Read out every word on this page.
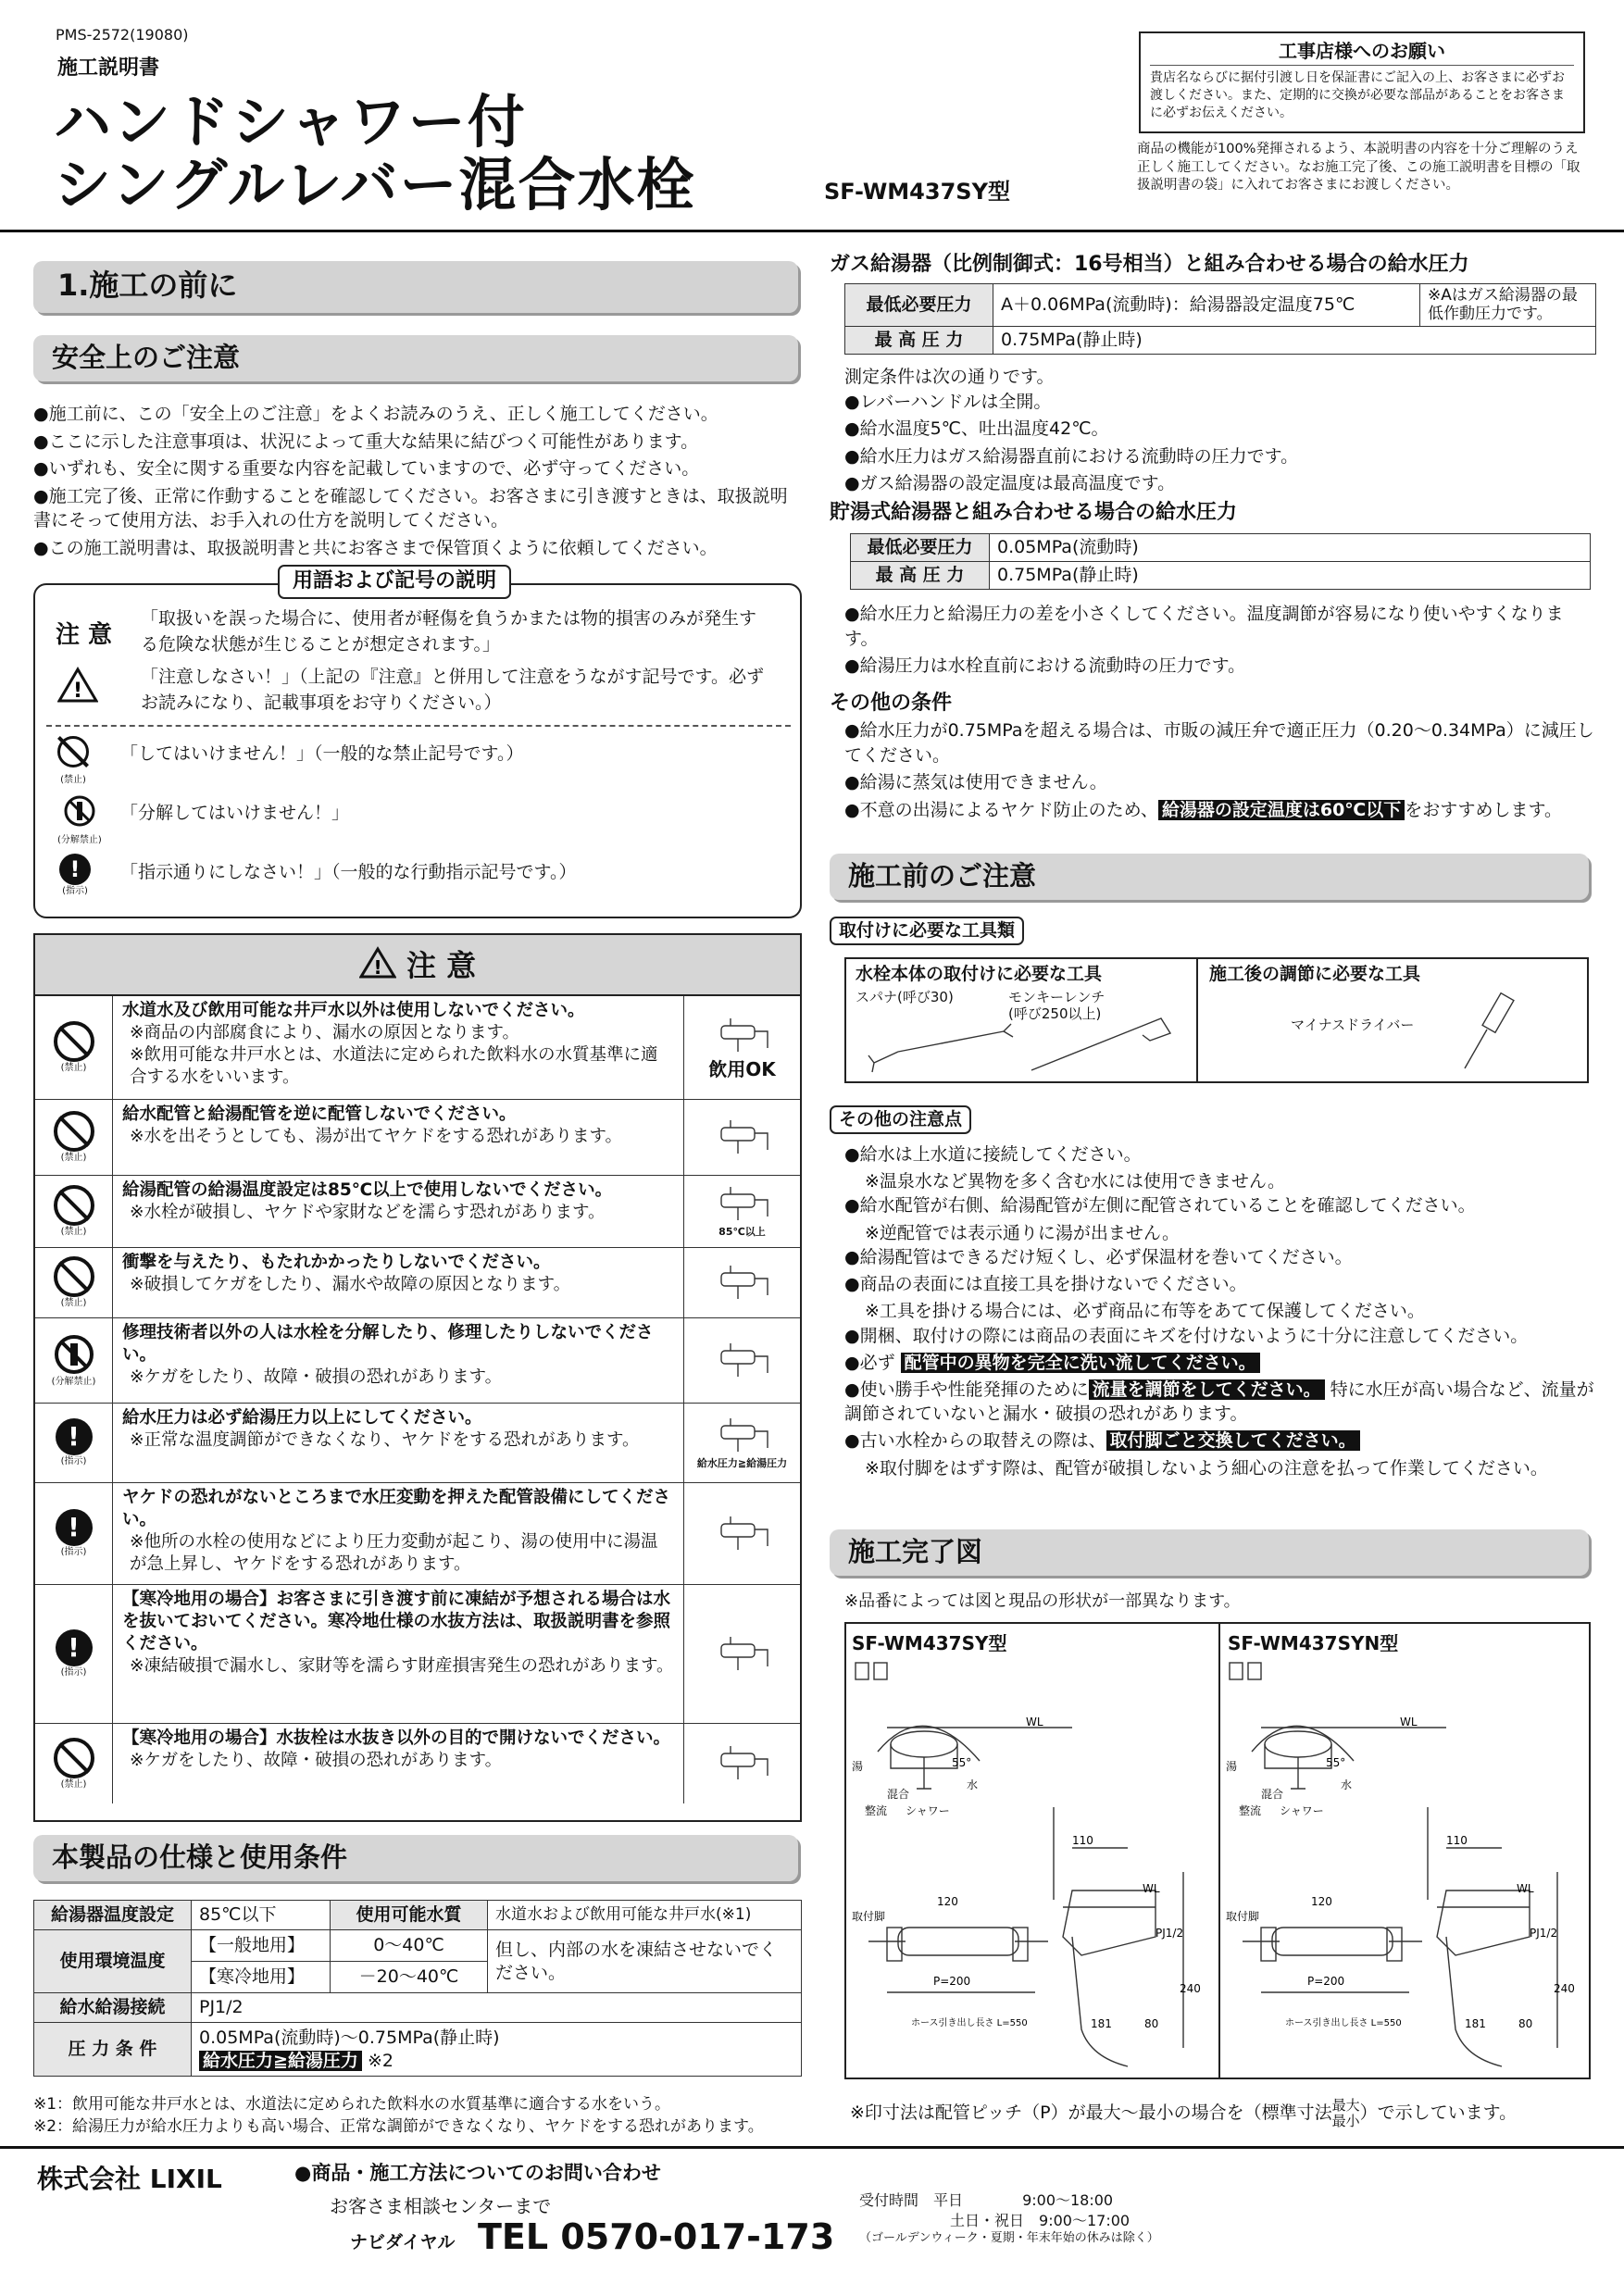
PMS-2572(19080)
施工説明書
ハンドシャワー付
シングルレバー混合水栓	SF-WM437SY型
工事店様へのお願い
貴店名ならびに据付引渡し日を保証書にご記入の上、お客さまに必ずお渡しください。また、定期的に交換が必要な部品があることをお客さまに必ずお伝えください。
商品の機能が100%発揮されるよう、本説明書の内容を十分ご理解のうえ正しく施工してください。なお施工完了後、この施工説明書を目標の「取扱説明書の袋」に入れてお客さまにお渡しください。
1.施工の前に
安全上のご注意
● 施工前に、この「安全上のご注意」をよくお読みのうえ、正しく施工してください。
● ここに示した注意事項は、状況によって重大な結果に結びつく可能性があります。
● いずれも、安全に関する重要な内容を記載していますので、必ず守ってください。
● 施工完了後、正常に作動することを確認してください。お客さまに引き渡すときは、取扱説明書にそって使用方法、お手入れの仕方を説明してください。
● この施工説明書は、取扱説明書と共にお客さまで保管頂くように依頼してください。
用語および記号の説明
注 意
「取扱いを誤った場合に、使用者が軽傷を負うかまたは物的損害のみが発生する危険な状態が生じることが想定されます。」
!
「注意しなさい！」（上記の『注意』と併用して注意をうながす記号です。必ずお読みになり、記載事項をお守りください。）
(禁止)
「してはいけません！」（一般的な禁止記号です。）
(分解禁止)
「分解してはいけません！」
!
(指示)
「指示通りにしなさい！」（一般的な行動指示記号です。）
! 注 意
(禁止)
水道水及び飲用可能な井戸水以外は使用しないでください。
※商品の内部腐食により、漏水の原因となります。
※飲用可能な井戸水とは、水道法に定められた飲料水の水質基準に適合する水をいいます。	飲用OK
(禁止)
給水配管と給湯配管を逆に配管しないでください。
※水を出そうとしても、湯が出てヤケドをする恐れがあります。
(禁止)
給湯配管の給湯温度設定は85℃以上で使用しないでください。
※水栓が破損し、ヤケドや家財などを濡らす恐れがあります。
85℃以上
(禁止)
衝撃を与えたり、もたれかかったりしないでください。
※破損してケガをしたり、漏水や故障の原因となります。
(分解禁止)
修理技術者以外の人は水栓を分解したり、修理したりしないでください。
※ケガをしたり、故障・破損の恐れがあります。
!
(指示)
給水圧力は必ず給湯圧力以上にしてください。
※正常な温度調節ができなくなり、ヤケドをする恐れがあります。
給水圧力≧給湯圧力
!
(指示)
ヤケドの恐れがないところまで水圧変動を押えた配管設備にしてください。
※他所の水栓の使用などにより圧力変動が起こり、湯の使用中に湯温が急上昇し、ヤケドをする恐れがあります。
!
(指示)
【寒冷地用の場合】お客さまに引き渡す前に凍結が予想される場合は水を抜いておいてください。寒冷地仕様の水抜方法は、取扱説明書を参照ください。
※凍結破損で漏水し、家財等を濡らす財産損害発生の恐れがあります。
(禁止)
【寒冷地用の場合】水抜栓は水抜き以外の目的で開けないでください。
※ケガをしたり、故障・破損の恐れがあります。
本製品の仕様と使用条件
給湯器温度設定	85℃以下	使用可能水質	水道水および飲用可能な井戸水(※1)
使用環境温度	【一般地用】	0～40℃	但し、内部の水を凍結させないでください。
	【寒冷地用】	－20～40℃	
給水給湯接続	PJ1/2		
圧 力 条 件	0.05MPa(流動時)～0.75MPa(静止時)
給水圧力≧給湯圧力 ※2		
※1：飲用可能な井戸水とは、水道法に定められた飲料水の水質基準に適合する水をいう。
※2：給湯圧力が給水圧力よりも高い場合、正常な調節ができなくなり、ヤケドをする恐れがあります。
ガス給湯器（比例制御式：16号相当）と組み合わせる場合の給水圧力
最低必要圧力	A＋0.06MPa(流動時)：給湯器設定温度75℃	※Aはガス給湯器の最低作動圧力です。
最 高 圧 力	0.75MPa(静止時)	
測定条件は次の通りです。
● レバーハンドルは全開。
● 給水温度5℃、吐出温度42℃。
● 給水圧力はガス給湯器直前における流動時の圧力です。
● ガス給湯器の設定温度は最高温度です。
貯湯式給湯器と組み合わせる場合の給水圧力
最低必要圧力	0.05MPa(流動時)
最 高 圧 力	0.75MPa(静止時)
● 給水圧力と給湯圧力の差を小さくしてください。温度調節が容易になり使いやすくなります。
● 給湯圧力は水栓直前における流動時の圧力です。
その他の条件
● 給水圧力が0.75MPaを超える場合は、市販の減圧弁で適正圧力（0.20～0.34MPa）に減圧してください。
● 給湯に蒸気は使用できません。
● 不意の出湯によるヤケド防止のため、 給湯器の設定温度は60℃以下 をおすすめします。
施工前のご注意
取付けに必要な工具類
水栓本体の取付けに必要な工具
スパナ(呼び30)	モンキーレンチ(呼び250以上)
施工後の調節に必要な工具
マイナスドライバー
その他の注意点
● 給水は上水道に接続してください。
※温泉水など異物を多く含む水には使用できません。
● 給水配管が右側、給湯配管が左側に配管されていることを確認してください。
※逆配管では表示通りに湯が出ません。
● 給湯配管はできるだけ短くし、必ず保温材を巻いてください。
● 商品の表面には直接工具を掛けないでください。
※工具を掛ける場合には、必ず商品に布等をあてて保護してください。
● 開梱、取付けの際には商品の表面にキズを付けないように十分に注意してください。
● 必ず 配管中の異物を完全に洗い流してください。
● 使い勝手や性能発揮のために 流量を調節をしてください。 特に水圧が高い場合など、流量が調節されていないと漏水・破損の恐れがあります。
● 古い水栓からの取替えの際は、 取付脚ごと交換してください。
※取付脚をはずす際は、配管が破損しないよう細心の注意を払って作業してください。
施工完了図
※品番によっては図と現品の形状が一部異なります。
SF-WM437SY型	SF-WM437SYN型
WL
湯
水
混合
55°
整流 シャワー
120
110
WL
取付脚
P=200
PJ1/2
181	80
240
ホース引き出し長さ L=550
WL
湯
水
混合
55°
整流 シャワー
120
110
WL
取付脚
P=200
PJ1/2
181	80
240
ホース引き出し長さ L=550
※印寸法は配管ピッチ（P）が最大～最小の場合を（標準寸法 最大
最小 ）で示しています。
株式会社 LIXIL	●商品・施工方法についてのお問い合わせ
お客さま相談センターまで
ナビダイヤル TEL 0570-017-173
受付時間　 平日　　　　	9:00～18:00
土日・祝日　 9:00～17:00
（ゴールデンウィーク・夏期・年末年始の休みは除く）
